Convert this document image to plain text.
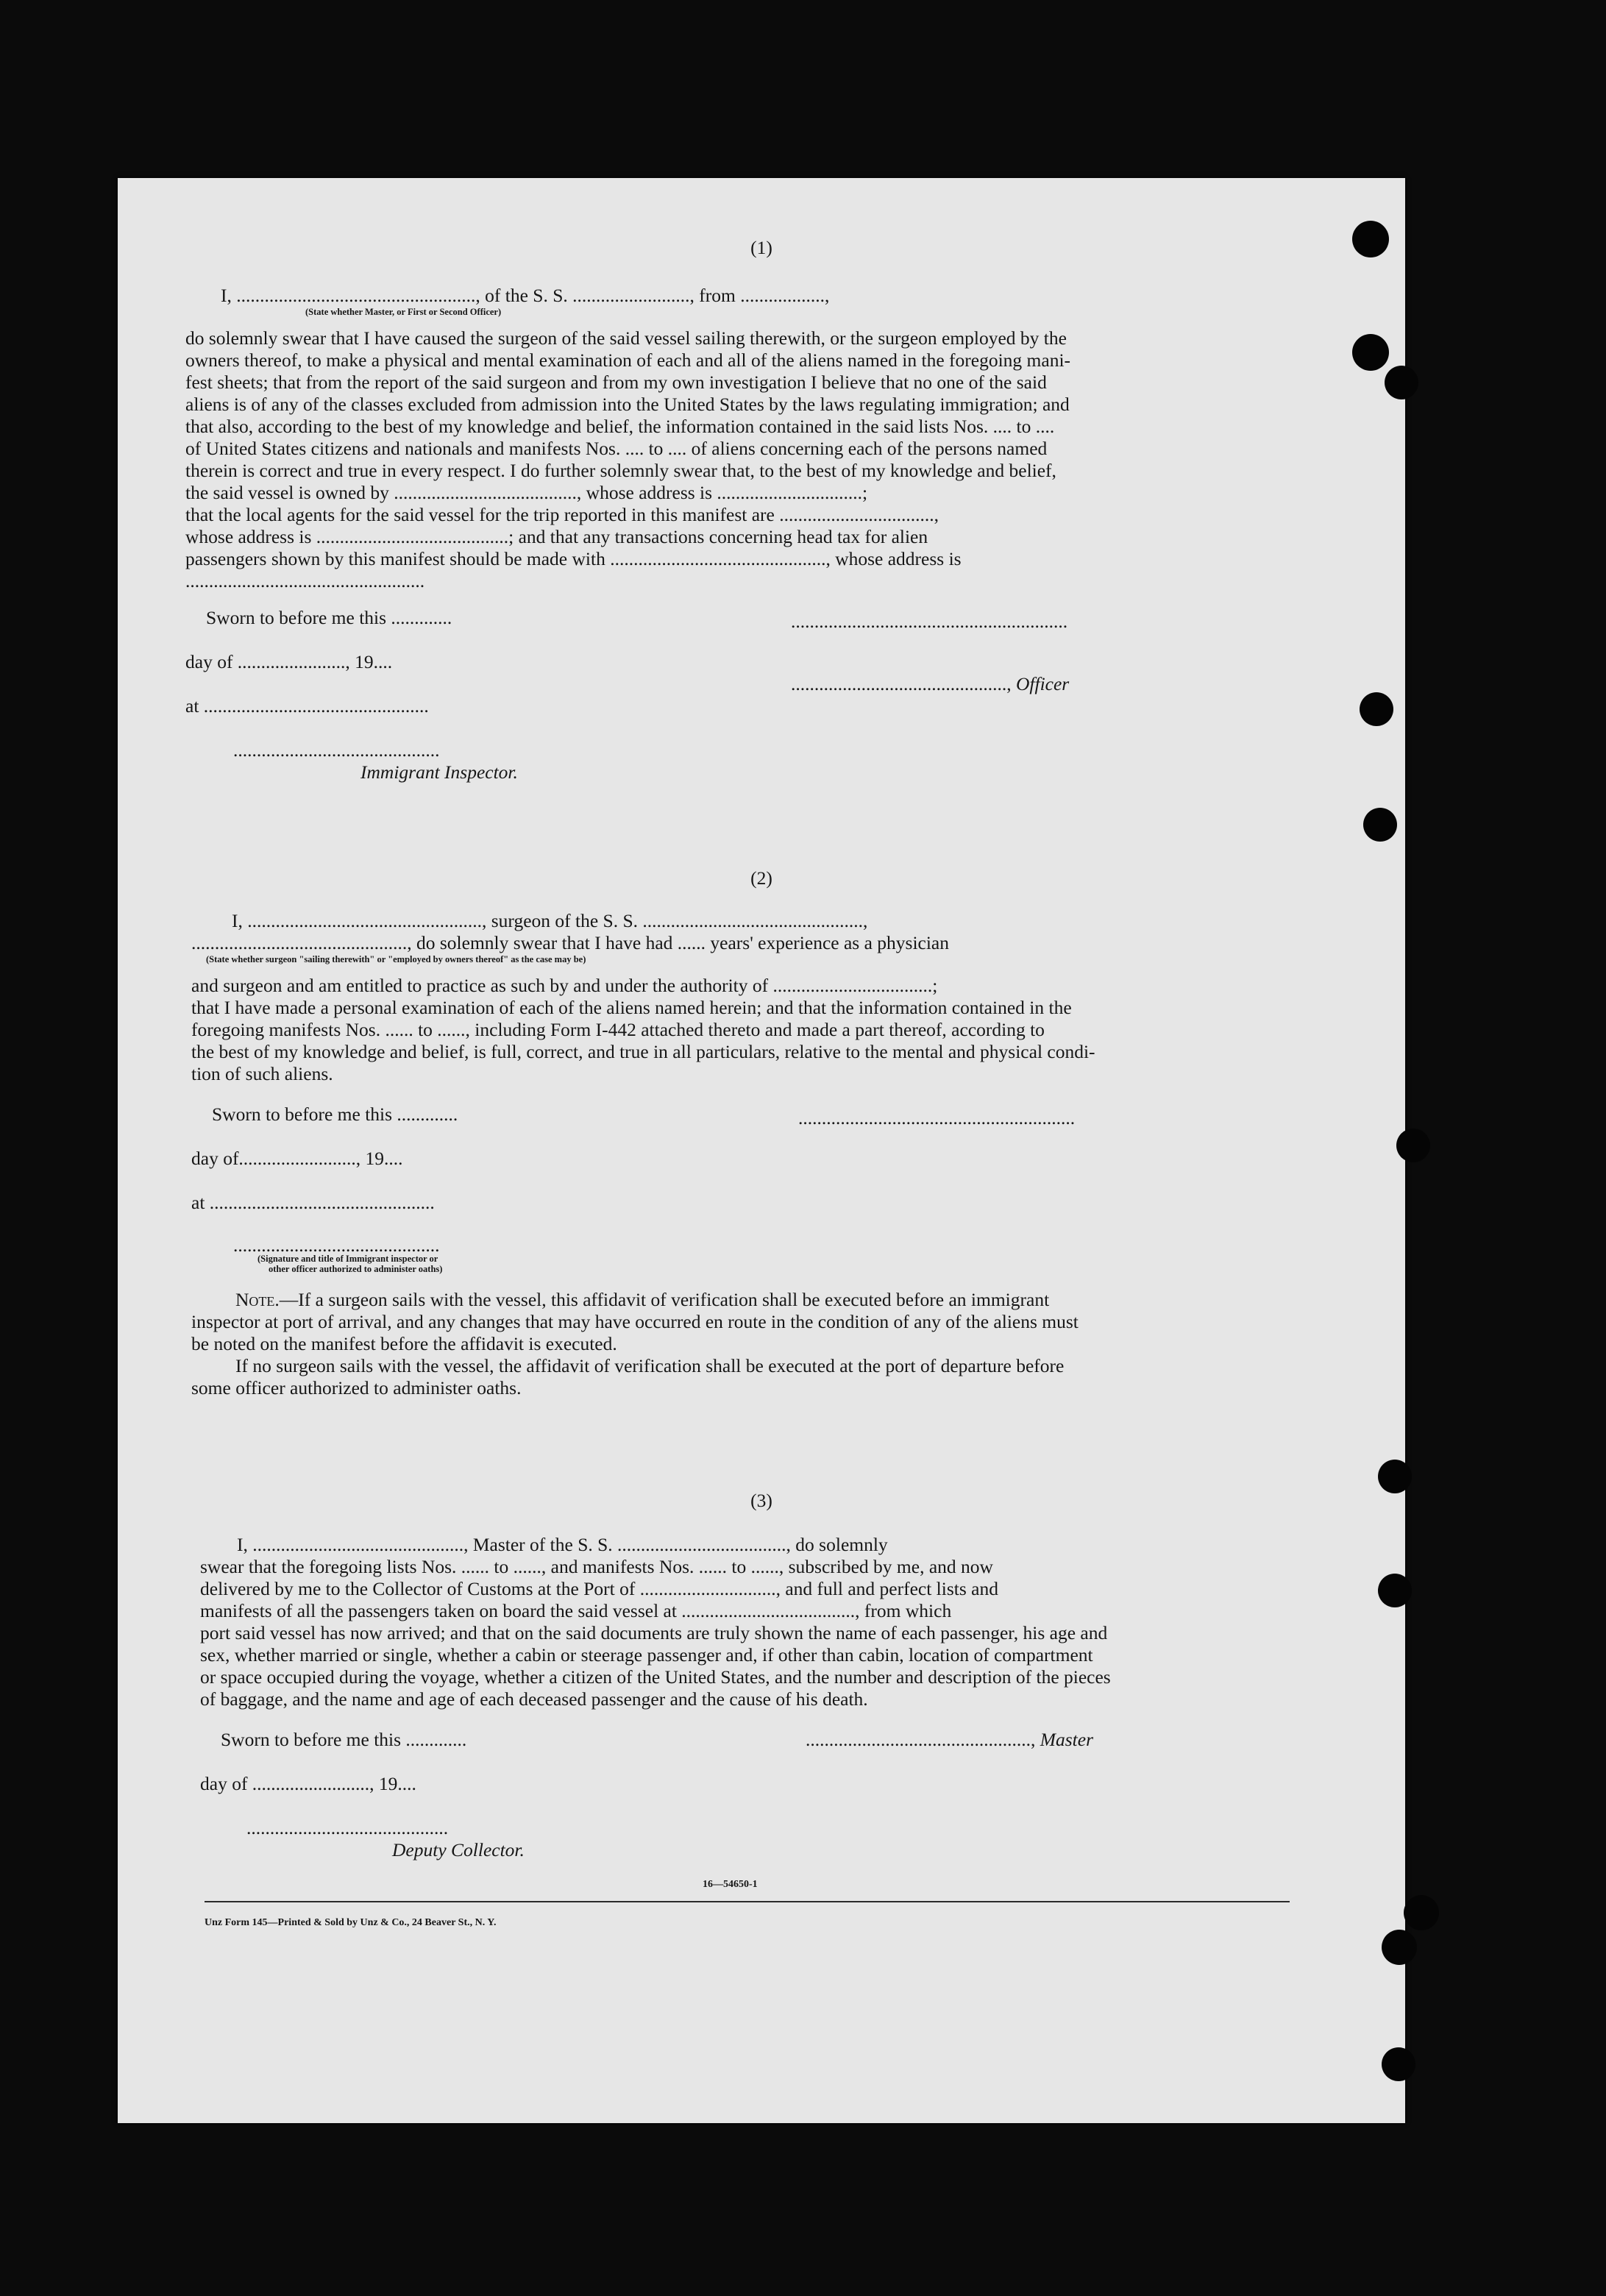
(1)
I, ..................................................., of the S. S. ........................., from ..................,
(State whether Master, or First or Second Officer)
do solemnly swear that I have caused the surgeon of the said vessel sailing therewith, or the surgeon employed by the
owners thereof, to make a physical and mental examination of each and all of the aliens named in the foregoing mani-
fest sheets; that from the report of the said surgeon and from my own investigation I believe that no one of the said
aliens is of any of the classes excluded from admission into the United States by the laws regulating immigration; and
that also, according to the best of my knowledge and belief, the information contained in the said lists Nos. .... to ....
of United States citizens and nationals and manifests Nos. .... to .... of aliens concerning each of the persons named
therein is correct and true in every respect. I do further solemnly swear that, to the best of my knowledge and belief,
the said vessel is owned by ......................................., whose address is ...............................;
that the local agents for the said vessel for the trip reported in this manifest are .................................,
whose address is .........................................; and that any transactions concerning head tax for alien
passengers shown by this manifest should be made with .............................................., whose address is
...................................................
Sworn to before me this .............	...........................................................
day of ......................., 19....
.............................................., Officer
at ................................................
............................................
Immigrant Inspector.
(2)
I, .................................................., surgeon of the S. S. ...............................................,
.............................................., do solemnly swear that I have had ...... years' experience as a physician
(State whether surgeon "sailing therewith" or "employed by owners thereof" as the case may be)
and surgeon and am entitled to practice as such by and under the authority of ..................................;
that I have made a personal examination of each of the aliens named herein; and that the information contained in the
foregoing manifests Nos. ...... to ......, including Form I-442 attached thereto and made a part thereof, according to
the best of my knowledge and belief, is full, correct, and true in all particulars, relative to the mental and physical condi-
tion of such aliens.
Sworn to before me this .............	...........................................................
day of........................., 19....
at ................................................
............................................
(Signature and title of Immigrant inspector or
other officer authorized to administer oaths)
Note.—If a surgeon sails with the vessel, this affidavit of verification shall be executed before an immigrant
inspector at port of arrival, and any changes that may have occurred en route in the condition of any of the aliens must
be noted on the manifest before the affidavit is executed.
If no surgeon sails with the vessel, the affidavit of verification shall be executed at the port of departure before
some officer authorized to administer oaths.
(3)
I, ............................................., Master of the S. S. ...................................., do solemnly
swear that the foregoing lists Nos. ...... to ......, and manifests Nos. ...... to ......, subscribed by me, and now
delivered by me to the Collector of Customs at the Port of ............................., and full and perfect lists and
manifests of all the passengers taken on board the said vessel at ....................................., from which
port said vessel has now arrived; and that on the said documents are truly shown the name of each passenger, his age and
sex, whether married or single, whether a cabin or steerage passenger and, if other than cabin, location of compartment
or space occupied during the voyage, whether a citizen of the United States, and the number and description of the pieces
of baggage, and the name and age of each deceased passenger and the cause of his death.
Sworn to before me this .............	................................................, Master
day of ........................., 19....
...........................................
Deputy Collector.
16—54650-1
Unz Form 145—Printed & Sold by Unz & Co., 24 Beaver St., N. Y.
